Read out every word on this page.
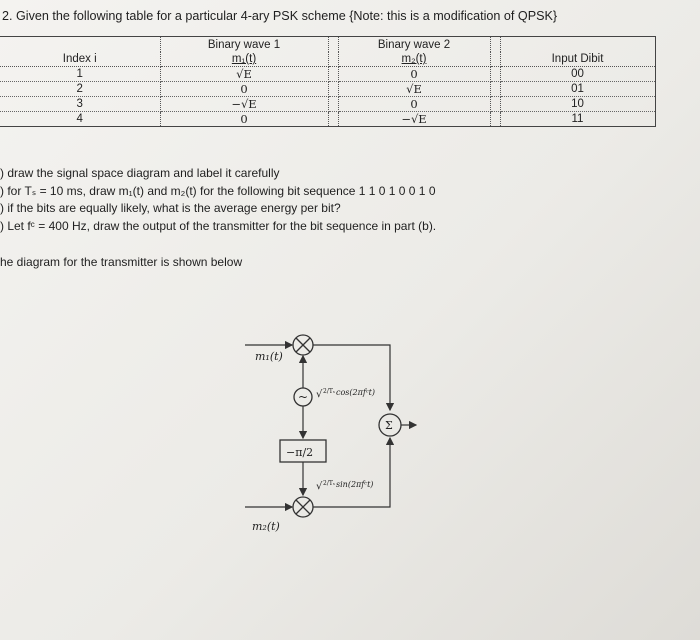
2. Given the following table for a particular 4-ary PSK scheme {Note: this is a modification of QPSK}
	Binary wave 1		Binary wave 2		
Index i	m₁(t)		m₂(t)		Input Dibit
1	√E		0		00
2	0		√E		01
3	−√E		0		10
4	0		−√E		11
) draw the signal space diagram and label it carefully
) for Tₛ = 10 ms, draw m₁(t) and m₂(t) for the following bit sequence 1 1 0 1 0 0 1 0
) if the bits are equally likely, what is the average energy per bit?
) Let fᶜ = 400 Hz, draw the output of the transmitter for the bit sequence in part (b).
he diagram for the transmitter is shown below
m₁(t)
~ √ 2/Tₛ cos(2πfᶜt)
−π/2
√ 2/Tₛ sin(2πfᶜt)
m₂(t)
Σ
